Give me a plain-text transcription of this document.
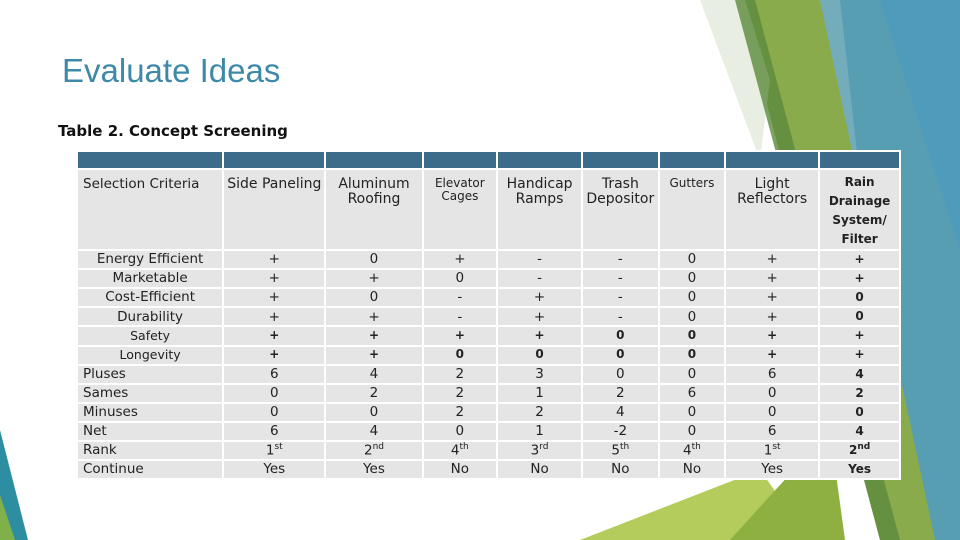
Evaluate Ideas
Table 2. Concept Screening

Selection Criteria	Side Paneling	Aluminum Roofing	Elevator Cages	Handicap Ramps	Trash Depositor	Gutters	Light Reflectors	Rain Drainage System/ Filter
Energy Efficient	+	0	+	-	-	0	+	+
Marketable	+	+	0	-	-	0	+	+
Cost-Efficient	+	0	-	+	-	0	+	0
Durability	+	+	-	+	-	0	+	0
Safety	+	+	+	+	0	0	+	+
Longevity	+	+	0	0	0	0	+	+
Pluses	6	4	2	3	0	0	6	4
Sames	0	2	2	1	2	6	0	2
Minuses	0	0	2	2	4	0	0	0
Net	6	4	0	1	-2	0	6	4
Rank	1st	2nd	4th	3rd	5th	4th	1st	2nd
Continue	Yes	Yes	No	No	No	No	Yes	Yes
